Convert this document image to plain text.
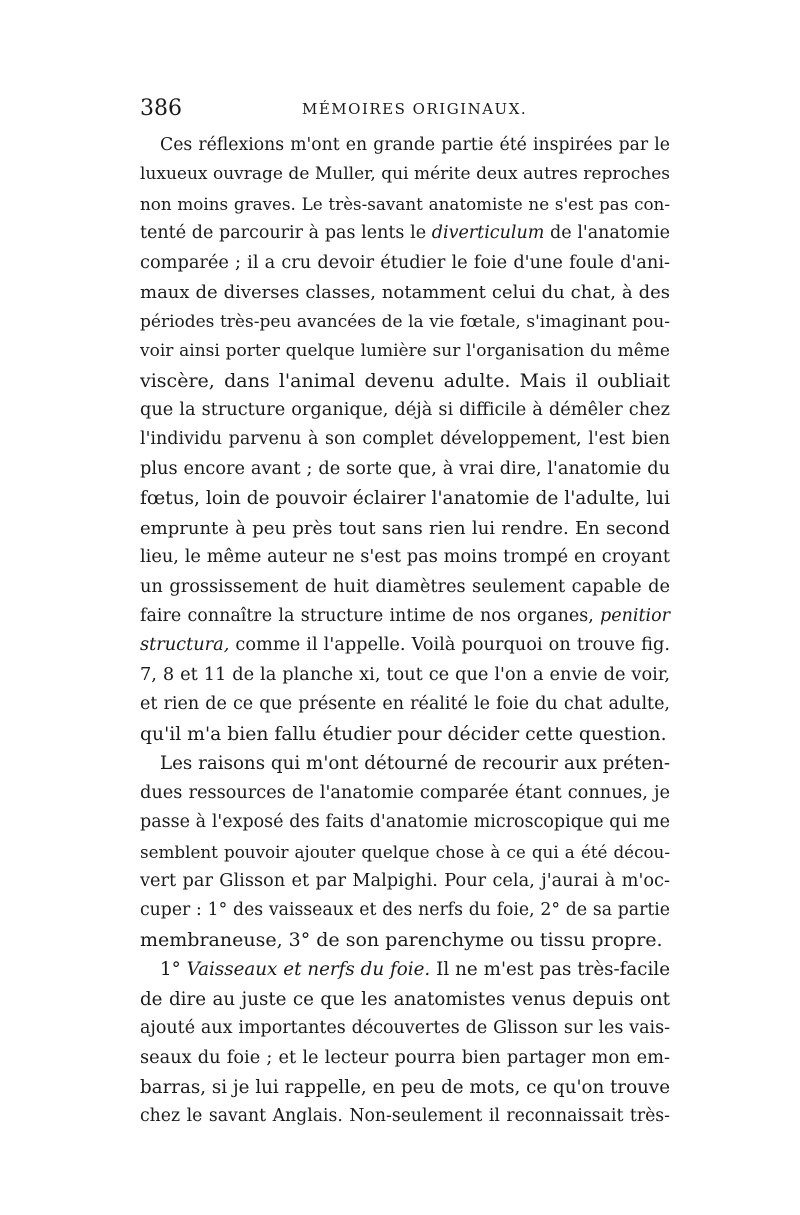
386	MÉMOIRES ORIGINAUX.
Ces réflexions m'ont en grande partie été inspirées par le
luxueux ouvrage de Muller, qui mérite deux autres reproches
non moins graves. Le très-savant anatomiste ne s'est pas con-
tenté de parcourir à pas lents le diverticulum de l'anatomie
comparée ; il a cru devoir étudier le foie d'une foule d'ani-
maux de diverses classes, notamment celui du chat, à des
périodes très-peu avancées de la vie fœtale, s'imaginant pou-
voir ainsi porter quelque lumière sur l'organisation du même
viscère, dans l'animal devenu adulte. Mais il oubliait
que la structure organique, déjà si difficile à démêler chez
l'individu parvenu à son complet développement, l'est bien
plus encore avant ; de sorte que, à vrai dire, l'anatomie du
fœtus, loin de pouvoir éclairer l'anatomie de l'adulte, lui
emprunte à peu près tout sans rien lui rendre. En second
lieu, le même auteur ne s'est pas moins trompé en croyant
un grossissement de huit diamètres seulement capable de
faire connaître la structure intime de nos organes, penitior
structura, comme il l'appelle. Voilà pourquoi on trouve fig.
7, 8 et 11 de la planche xi, tout ce que l'on a envie de voir,
et rien de ce que présente en réalité le foie du chat adulte,
qu'il m'a bien fallu étudier pour décider cette question.
Les raisons qui m'ont détourné de recourir aux préten-
dues ressources de l'anatomie comparée étant connues, je
passe à l'exposé des faits d'anatomie microscopique qui me
semblent pouvoir ajouter quelque chose à ce qui a été décou-
vert par Glisson et par Malpighi. Pour cela, j'aurai à m'oc-
cuper : 1° des vaisseaux et des nerfs du foie, 2° de sa partie
membraneuse, 3° de son parenchyme ou tissu propre.
1° Vaisseaux et nerfs du foie. Il ne m'est pas très-facile
de dire au juste ce que les anatomistes venus depuis ont
ajouté aux importantes découvertes de Glisson sur les vais-
seaux du foie ; et le lecteur pourra bien partager mon em-
barras, si je lui rappelle, en peu de mots, ce qu'on trouve
chez le savant Anglais. Non-seulement il reconnaissait très-
